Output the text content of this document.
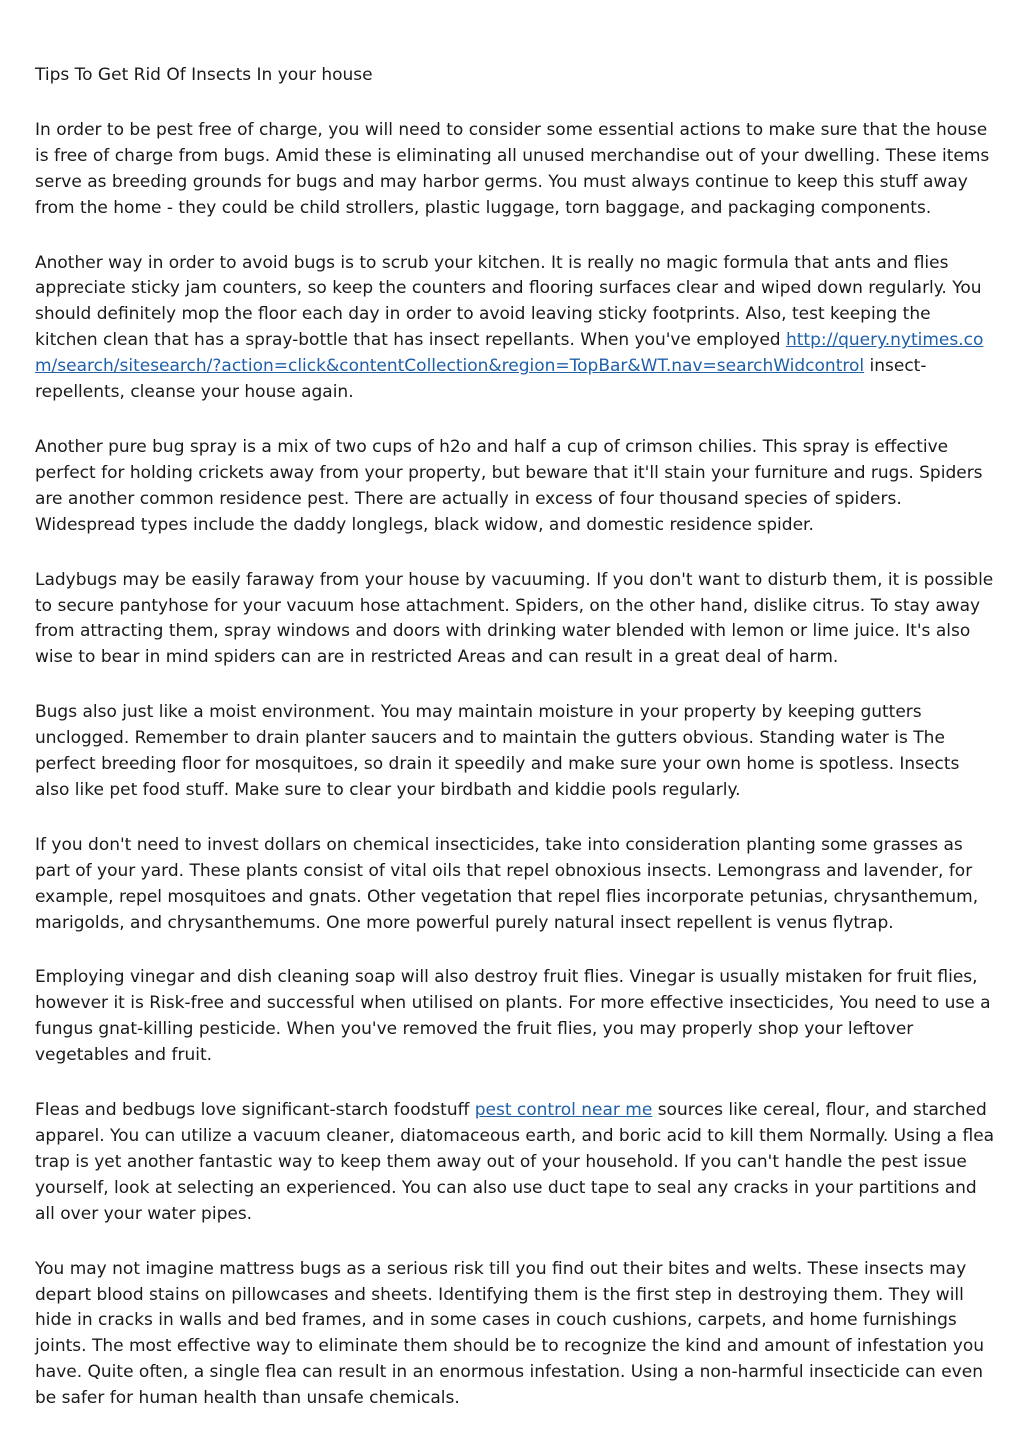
Tips To Get Rid Of Insects In your house

In order to be pest free of charge, you will need to consider some essential actions to make sure that the house is free of charge from bugs. Amid these is eliminating all unused merchandise out of your dwelling. These items serve as breeding grounds for bugs and may harbor germs. You must always continue to keep this stuff away from the home - they could be child strollers, plastic luggage, torn baggage, and packaging components.

Another way in order to avoid bugs is to scrub your kitchen. It is really no magic formula that ants and flies appreciate sticky jam counters, so keep the counters and flooring surfaces clear and wiped down regularly. You should definitely mop the floor each day in order to avoid leaving sticky footprints. Also, test keeping the kitchen clean that has a spray-bottle that has insect repellants. When you've employed http://query.nytimes.com/search/sitesearch/?action=click&contentCollection&region=TopBar&WT.nav=searchWidcontrol insect-repellents, cleanse your house again.

Another pure bug spray is a mix of two cups of h2o and half a cup of crimson chilies. This spray is effective perfect for holding crickets away from your property, but beware that it'll stain your furniture and rugs. Spiders are another common residence pest. There are actually in excess of four thousand species of spiders. Widespread types include the daddy longlegs, black widow, and domestic residence spider.

Ladybugs may be easily faraway from your house by vacuuming. If you don't want to disturb them, it is possible to secure pantyhose for your vacuum hose attachment. Spiders, on the other hand, dislike citrus. To stay away from attracting them, spray windows and doors with drinking water blended with lemon or lime juice. It's also wise to bear in mind spiders can are in restricted Areas and can result in a great deal of harm.

Bugs also just like a moist environment. You may maintain moisture in your property by keeping gutters unclogged. Remember to drain planter saucers and to maintain the gutters obvious. Standing water is The perfect breeding floor for mosquitoes, so drain it speedily and make sure your own home is spotless. Insects also like pet food stuff. Make sure to clear your birdbath and kiddie pools regularly.

If you don't need to invest dollars on chemical insecticides, take into consideration planting some grasses as part of your yard. These plants consist of vital oils that repel obnoxious insects. Lemongrass and lavender, for example, repel mosquitoes and gnats. Other vegetation that repel flies incorporate petunias, chrysanthemum, marigolds, and chrysanthemums. One more powerful purely natural insect repellent is venus flytrap.

Employing vinegar and dish cleaning soap will also destroy fruit flies. Vinegar is usually mistaken for fruit flies, however it is Risk-free and successful when utilised on plants. For more effective insecticides, You need to use a fungus gnat-killing pesticide. When you've removed the fruit flies, you may properly shop your leftover vegetables and fruit.

Fleas and bedbugs love significant-starch foodstuff pest control near me sources like cereal, flour, and starched apparel. You can utilize a vacuum cleaner, diatomaceous earth, and boric acid to kill them Normally. Using a flea trap is yet another fantastic way to keep them away out of your household. If you can't handle the pest issue yourself, look at selecting an experienced. You can also use duct tape to seal any cracks in your partitions and all over your water pipes.

You may not imagine mattress bugs as a serious risk till you find out their bites and welts. These insects may depart blood stains on pillowcases and sheets. Identifying them is the first step in destroying them. They will hide in cracks in walls and bed frames, and in some cases in couch cushions, carpets, and home furnishings joints. The most effective way to eliminate them should be to recognize the kind and amount of infestation you have. Quite often, a single flea can result in an enormous infestation. Using a non-harmful insecticide can even be safer for human health than unsafe chemicals.
